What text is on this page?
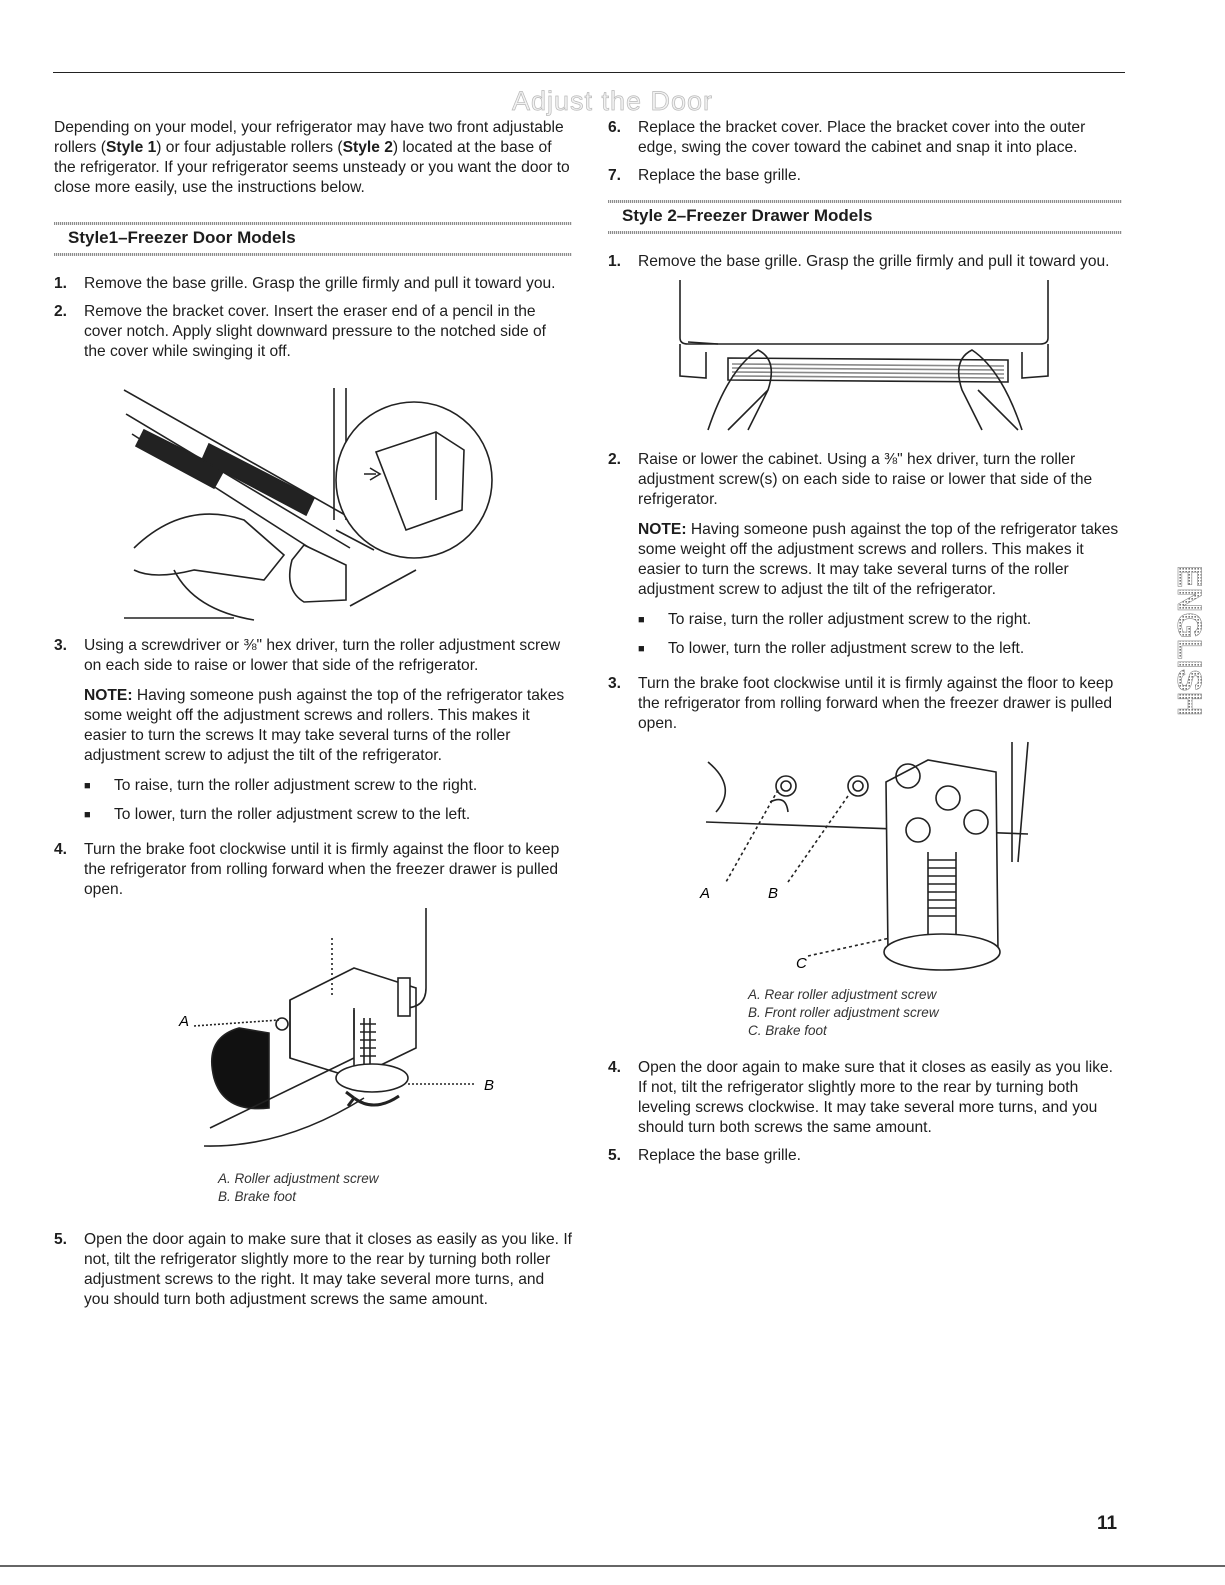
Adjust the Door

Depending on your model, your refrigerator may have two front adjustable rollers (Style 1) or four adjustable rollers (Style 2) located at the base of the refrigerator. If your refrigerator seems unsteady or you want the door to close more easily, use the instructions below.

Style1–Freezer Door Models
1.	Remove the base grille. Grasp the grille firmly and pull it toward you.
2.	Remove the bracket cover. Insert the eraser end of a pencil in the cover notch. Apply slight downward pressure to the notched side of the cover while swinging it off.
3.	Using a screwdriver or ⅜" hex driver, turn the roller adjustment screw on each side to raise or lower that side of the refrigerator.

NOTE: Having someone push against the top of the refrigerator takes some weight off the adjustment screws and rollers. This makes it easier to turn the screws It may take several turns of the roller adjustment screw to adjust the tilt of the refrigerator.

■	To raise, turn the roller adjustment screw to the right.
■	To lower, turn the roller adjustment screw to the left.
4.	Turn the brake foot clockwise until it is firmly against the floor to keep the refrigerator from rolling forward when the freezer drawer is pulled open.
A
B

A. Roller adjustment screw

B. Brake foot

5.	Open the door again to make sure that it closes as easily as you like. If not, tilt the refrigerator slightly more to the rear by turning both roller adjustment screws to the right. It may take several more turns, and you should turn both adjustment screws the same amount.
6.	Replace the bracket cover. Place the bracket cover into the outer edge, swing the cover toward the cabinet and snap it into place.
7.	Replace the base grille.
Style 2–Freezer Drawer Models
1.	Remove the base grille. Grasp the grille firmly and pull it toward you.
2.	Raise or lower the cabinet. Using a ⅜" hex driver, turn the roller adjustment screw(s) on each side to raise or lower that side of the refrigerator.

NOTE: Having someone push against the top of the refrigerator takes some weight off the adjustment screws and rollers. This makes it easier to turn the screws. It may take several turns of the roller adjustment screw to adjust the tilt of the refrigerator.

■	To raise, turn the roller adjustment screw to the right.
■	To lower, turn the roller adjustment screw to the left.
3.	Turn the brake foot clockwise until it is firmly against the floor to keep the refrigerator from rolling forward when the freezer drawer is pulled open.
A	B
C

A. Rear roller adjustment screw

B. Front roller adjustment screw

C. Brake foot

4.	Open the door again to make sure that it closes as easily as you like. If not, tilt the refrigerator slightly more to the rear by turning both leveling screws clockwise. It may take several more turns, and you should turn both screws the same amount.
5.	Replace the base grille.
ENGLISH
11
